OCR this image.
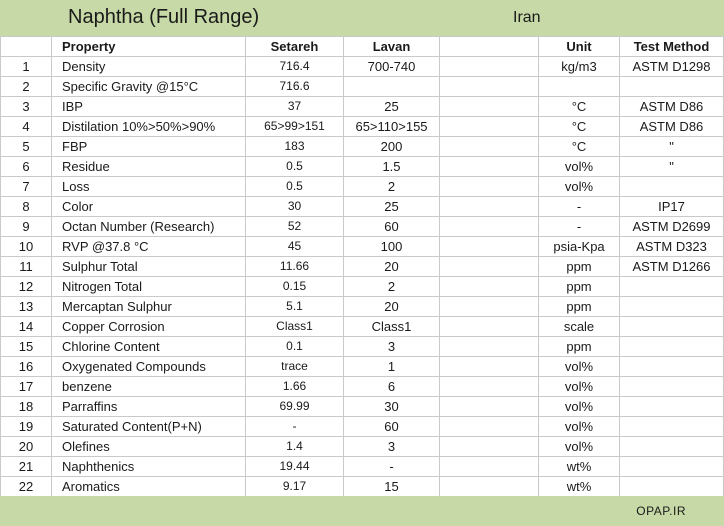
Naphtha (Full Range)	Iran
	Property	Setareh	Lavan		Unit	Test Method
1	Density	716.4	700-740		kg/m3	ASTM D1298
2	Specific Gravity @15°C	716.6				
3	IBP	37	25		°C	ASTM D86
4	Distilation 10%>50%>90%	65>99>151	65>110>155		°C	ASTM D86
5	FBP	183	200		°C	"
6	Residue	0.5	1.5		vol%	"
7	Loss	0.5	2		vol%	
8	Color	30	25		-	IP17
9	Octan Number (Research)	52	60		-	ASTM D2699
10	RVP @37.8 °C	45	100		psia-Kpa	ASTM D323
11	Sulphur Total	11.66	20		ppm	ASTM D1266
12	Nitrogen Total	0.15	2		ppm	
13	Mercaptan Sulphur	5.1	20		ppm	
14	Copper Corrosion	Class1	Class1		scale	
15	Chlorine Content	0.1	3		ppm	
16	Oxygenated Compounds	trace	1		vol%	
17	benzene	1.66	6		vol%	
18	Parraffins	69.99	30		vol%	
19	Saturated Content(P+N)	-	60		vol%	
20	Olefines	1.4	3		vol%	
21	Naphthenics	19.44	-		wt%	
22	Aromatics	9.17	15		wt%	
OPAP.IR
